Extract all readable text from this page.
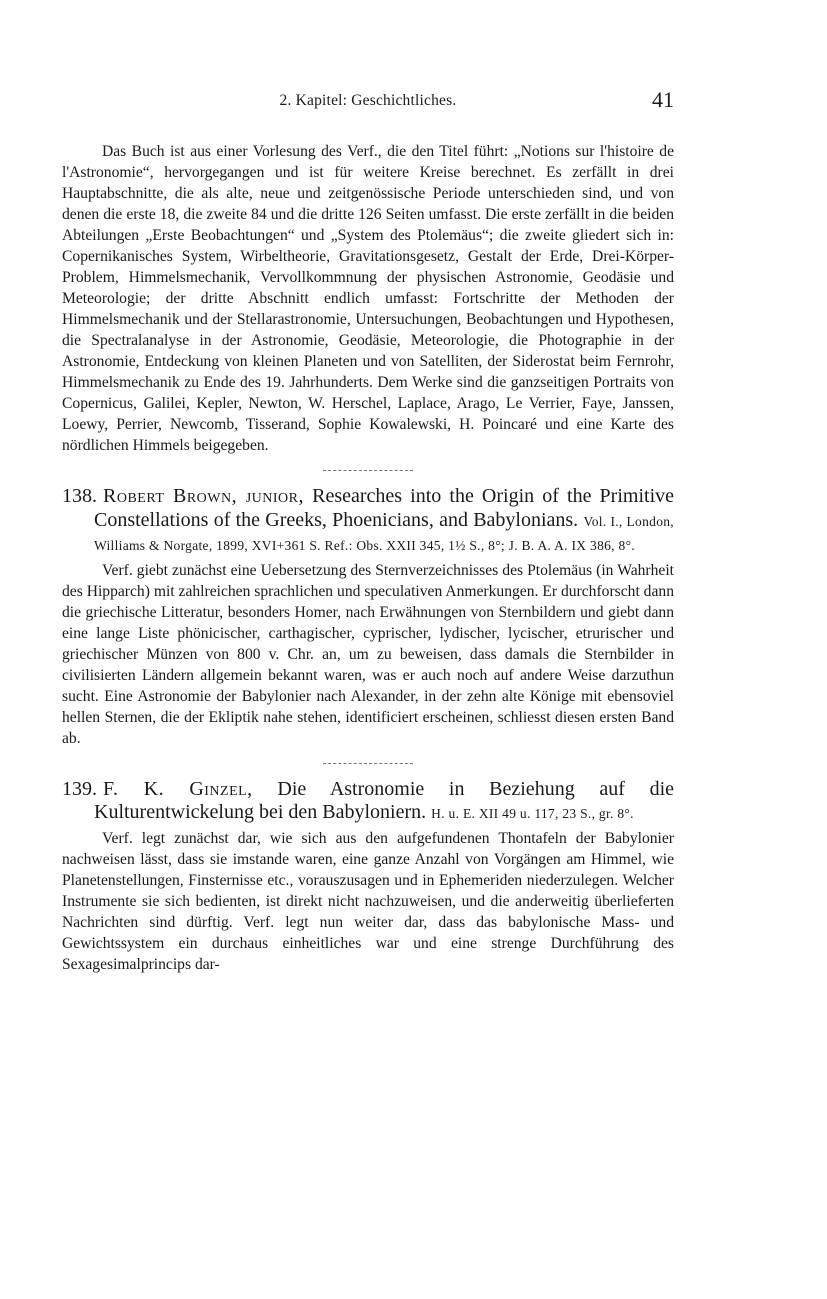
2. Kapitel: Geschichtliches.	41

Das Buch ist aus einer Vorlesung des Verf., die den Titel führt: „Notions sur l'histoire de l'Astronomie“, hervorgegangen und ist für weitere Kreise berechnet. Es zerfällt in drei Hauptabschnitte, die als alte, neue und zeitgenössische Periode unterschieden sind, und von denen die erste 18, die zweite 84 und die dritte 126 Seiten umfasst. Die erste zerfällt in die beiden Abteilungen „Erste Beobachtungen“ und „System des Ptolemäus“; die zweite gliedert sich in: Copernikanisches System, Wirbeltheorie, Gravitationsgesetz, Gestalt der Erde, Drei-Körper-Problem, Himmelsmechanik, Vervollkommnung der physischen Astronomie, Geodäsie und Meteorologie; der dritte Abschnitt endlich umfasst: Fortschritte der Methoden der Himmelsmechanik und der Stellarastronomie, Untersuchungen, Beobachtungen und Hypothesen, die Spectralanalyse in der Astronomie, Geodäsie, Meteorologie, die Photographie in der Astronomie, Entdeckung von kleinen Planeten und von Satelliten, der Siderostat beim Fernrohr, Himmelsmechanik zu Ende des 19. Jahrhunderts. Dem Werke sind die ganzseitigen Portraits von Copernicus, Galilei, Kepler, Newton, W. Herschel, Laplace, Arago, Le Verrier, Faye, Janssen, Loewy, Perrier, Newcomb, Tisserand, Sophie Kowalewski, H. Poincaré und eine Karte des nördlichen Himmels beigegeben.

138. Robert Brown, junior, Researches into the Origin of the Primitive Constellations of the Greeks, Phoenicians, and Babylonians. Vol. I., London, Williams & Norgate, 1899, XVI+361 S. Ref.: Obs. XXII 345, 1½ S., 8°; J. B. A. A. IX 386, 8°.

Verf. giebt zunächst eine Uebersetzung des Sternverzeichnisses des Ptolemäus (in Wahrheit des Hipparch) mit zahlreichen sprachlichen und speculativen Anmerkungen. Er durchforscht dann die griechische Litteratur, besonders Homer, nach Erwähnungen von Sternbildern und giebt dann eine lange Liste phönicischer, carthagischer, cyprischer, lydischer, lycischer, etrurischer und griechischer Münzen von 800 v. Chr. an, um zu beweisen, dass damals die Sternbilder in civilisierten Ländern allgemein bekannt waren, was er auch noch auf andere Weise darzuthun sucht. Eine Astronomie der Babylonier nach Alexander, in der zehn alte Könige mit ebensoviel hellen Sternen, die der Ekliptik nahe stehen, identificiert erscheinen, schliesst diesen ersten Band ab.

139. F. K. Ginzel, Die Astronomie in Beziehung auf die Kulturentwickelung bei den Babyloniern. H. u. E. XII 49 u. 117, 23 S., gr. 8°.

Verf. legt zunächst dar, wie sich aus den aufgefundenen Thontafeln der Babylonier nachweisen lässt, dass sie imstande waren, eine ganze Anzahl von Vorgängen am Himmel, wie Planetenstellungen, Finsternisse etc., vorauszusagen und in Ephemeriden niederzulegen. Welcher Instrumente sie sich bedienten, ist direkt nicht nachzuweisen, und die anderweitig überlieferten Nachrichten sind dürftig. Verf. legt nun weiter dar, dass das babylonische Mass- und Gewichtssystem ein durchaus einheitliches war und eine strenge Durchführung des Sexagesimalprincips dar-
